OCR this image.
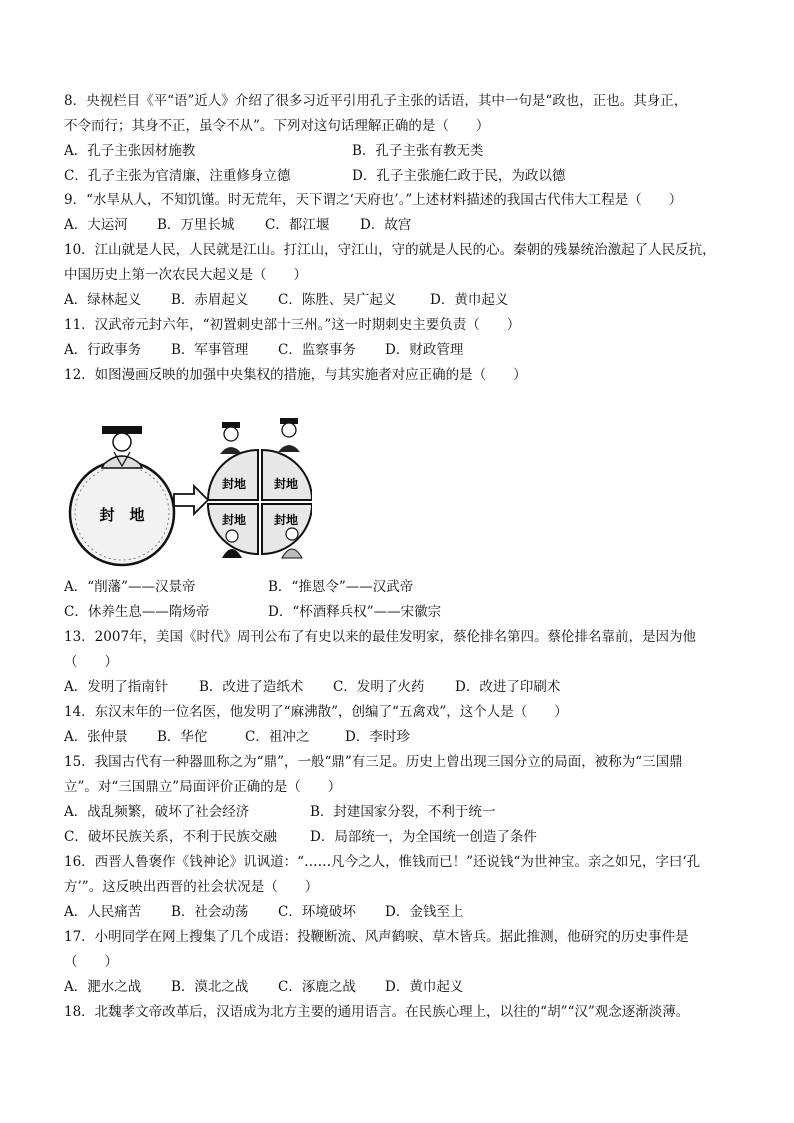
8．央视栏目《平“语”近人》介绍了很多习近平引用孔子主张的话语，其中一句是“政也，正也。其身正，
不令而行；其身不正，虽令不从”。下列对这句话理解正确的是（　　）
A．孔子主张因材施教	B．孔子主张有教无类
C．孔子主张为官清廉，注重修身立德	D．孔子主张施仁政于民，为政以德
9．“水旱从人，不知饥馑。时无荒年，天下谓之‘天府也’。”上述材料描述的我国古代伟大工程是（　　）
A．大运河 B．万里长城 C．都江堰 D．故宫
10．江山就是人民，人民就是江山。打江山，守江山，守的就是人民的心。秦朝的残暴统治激起了人民反抗，
中国历史上第一次农民大起义是（　　）
A．绿林起义 B．赤眉起义 C．陈胜、吴广起义 D．黄巾起义
11．汉武帝元封六年，“初置刺史部十三州。”这一时期刺史主要负责（　　）
A．行政事务 B．军事管理 C．监察事务 D．财政管理
12．如图漫画反映的加强中央集权的措施，与其实施者对应正确的是（　　）
封　地
封地 封地
封地 封地
A．“削藩”——汉景帝	B．“推恩令”——汉武帝
C．休养生息——隋炀帝	D．“杯酒释兵权”——宋徽宗
13．2007年，美国《时代》周刊公布了有史以来的最佳发明家，蔡伦排名第四。蔡伦排名靠前，是因为他
（　　）
A．发明了指南针 B．改进了造纸术 C．发明了火药 D．改进了印刷术
14．东汉末年的一位名医，他发明了“麻沸散”，创编了“五禽戏”，这个人是（　　）
A．张仲景 B．华佗	C．祖冲之	D．李时珍
15．我国古代有一种器皿称之为“鼎”，一般“鼎”有三足。历史上曾出现三国分立的局面，被称为“三国鼎
立”。对“三国鼎立”局面评价正确的是（　　）
A．战乱频繁，破坏了社会经济	B．封建国家分裂，不利于统一
C．破坏民族关系，不利于民族交融 D．局部统一，为全国统一创造了条件
16．西晋人鲁褒作《钱神论》讥讽道：“……凡今之人，惟钱而已！”还说钱“为世神宝。亲之如兄，字曰‘孔
方’”。这反映出西晋的社会状况是（　　）
A．人民痛苦 B．社会动荡 C．环境破坏 D．金钱至上
17．小明同学在网上搜集了几个成语：投鞭断流、风声鹤唳、草木皆兵。据此推测，他研究的历史事件是
（　　）
A．淝水之战 B．漠北之战 C．涿鹿之战 D．黄巾起义
18．北魏孝文帝改革后，汉语成为北方主要的通用语言。在民族心理上，以往的“胡”“汉”观念逐渐淡薄。
